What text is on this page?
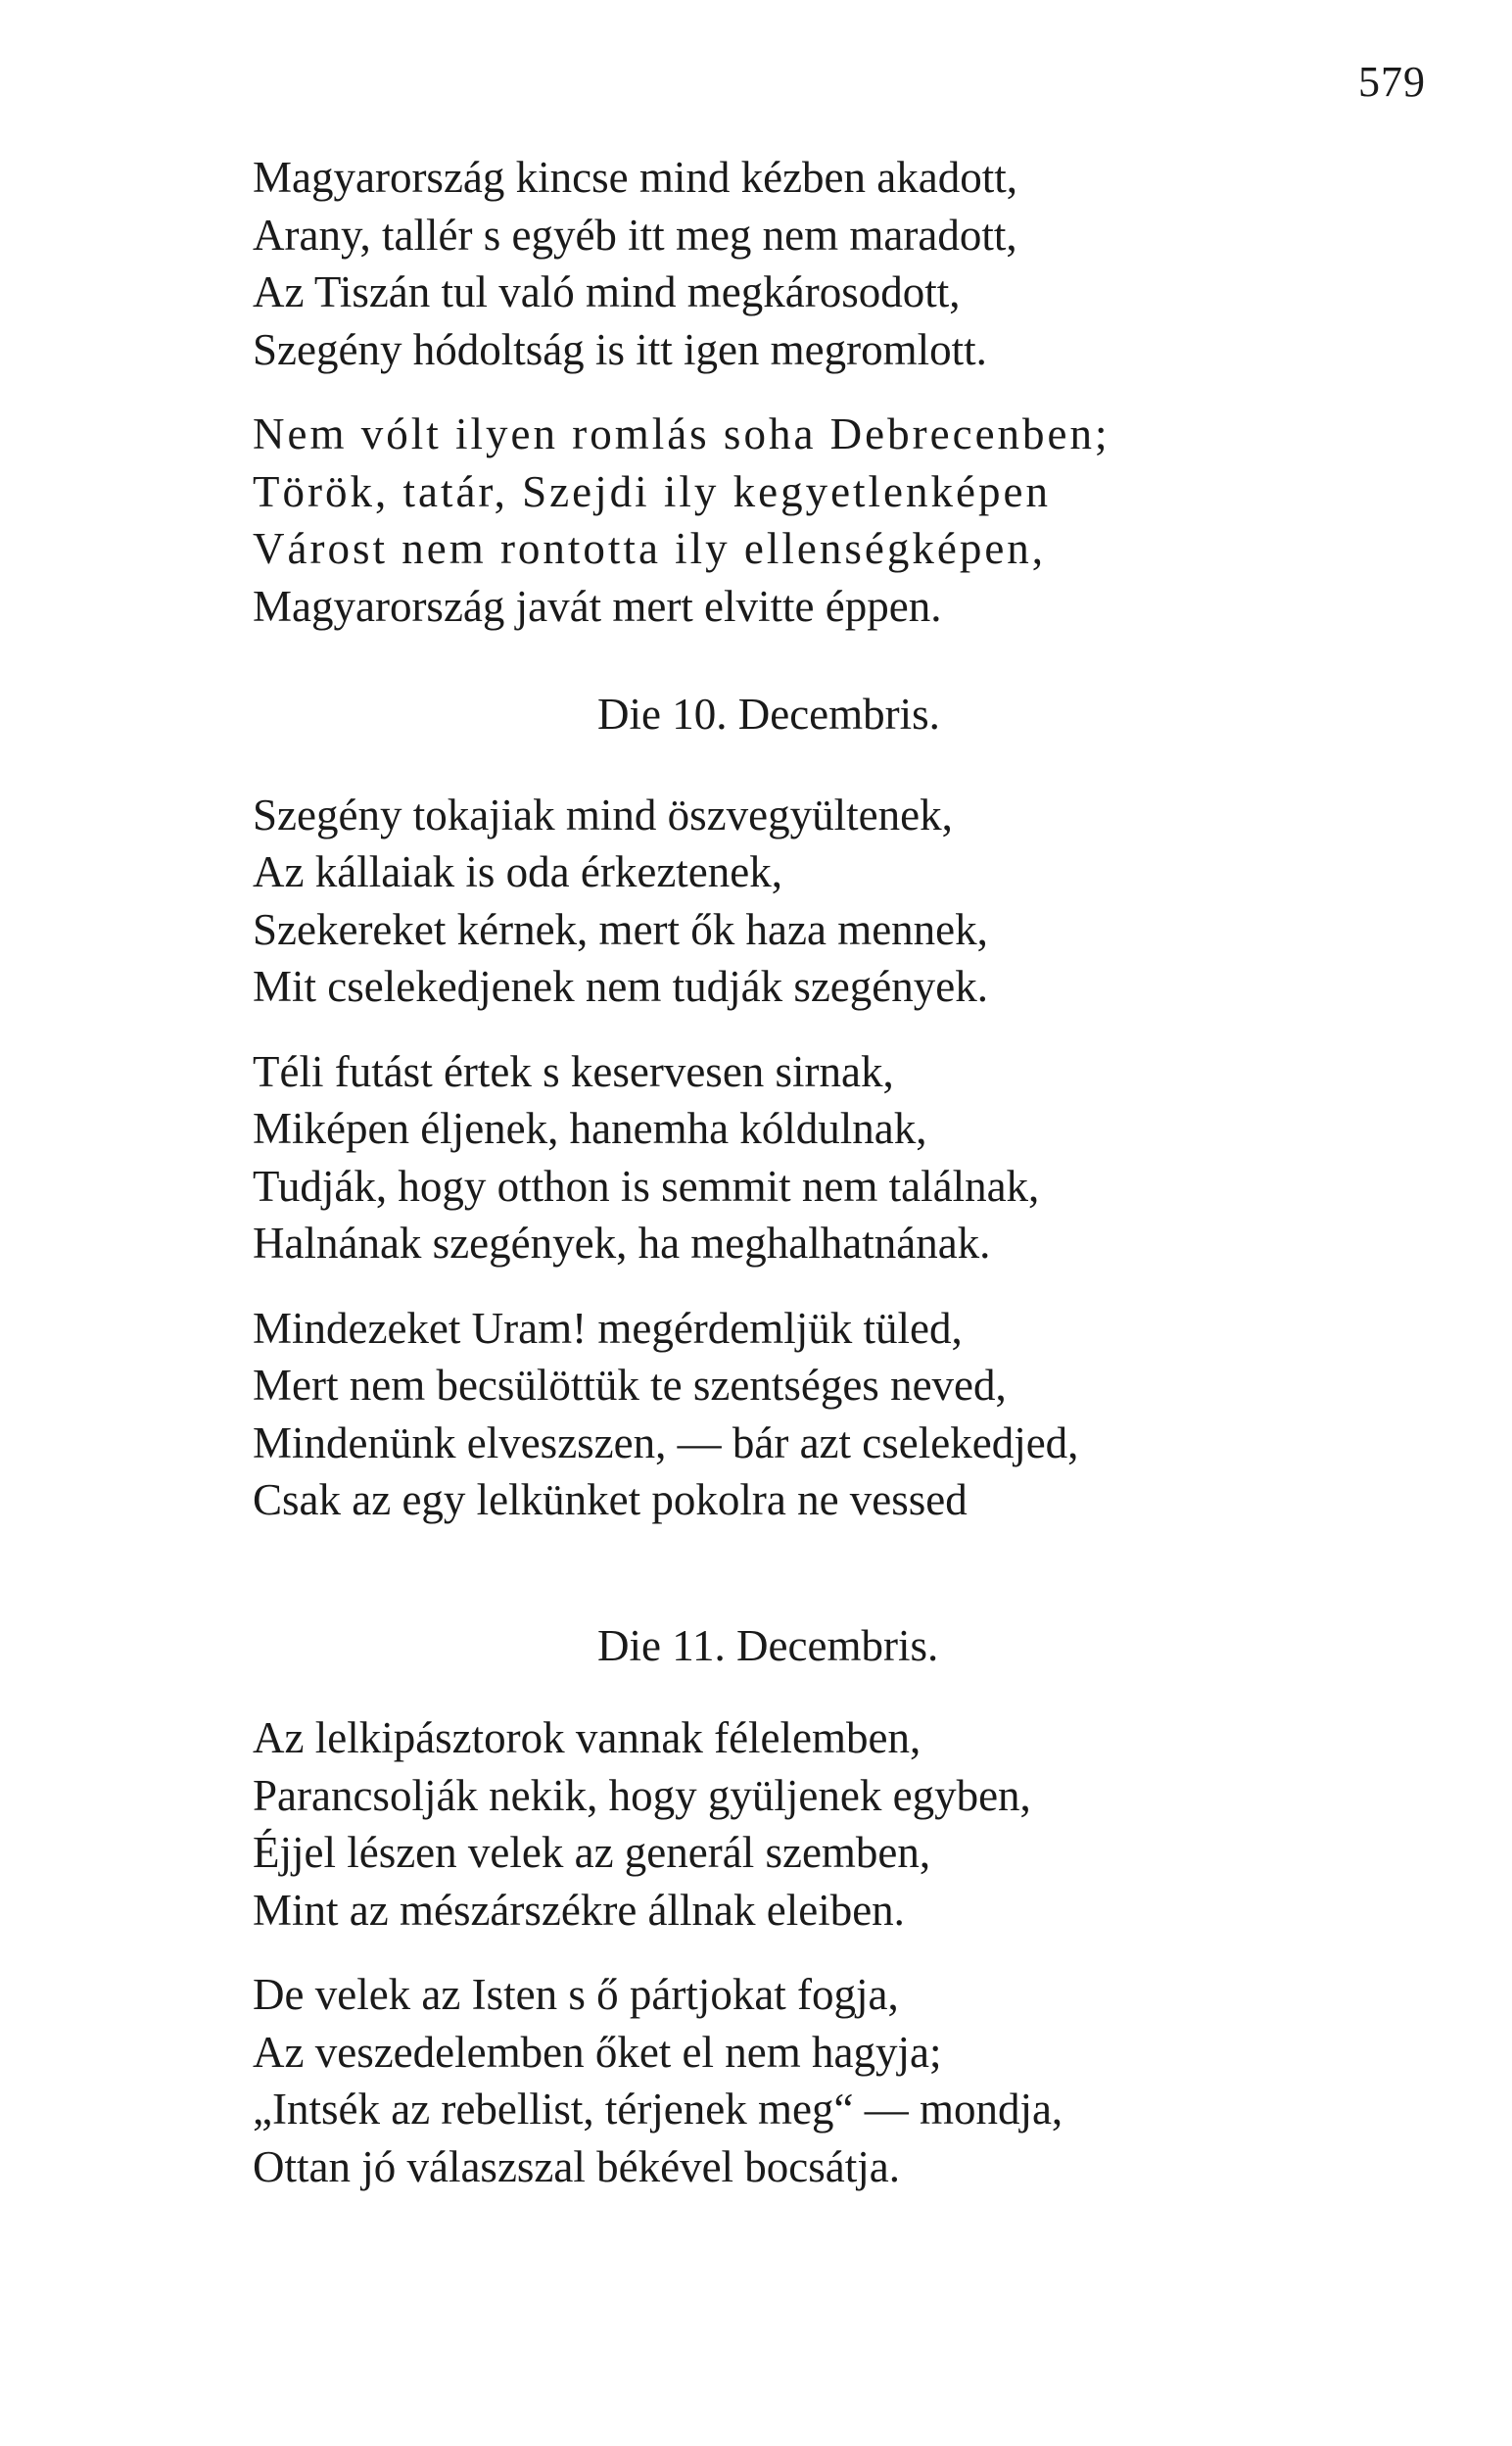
579
Magyarország kincse mind kézben akadott,
Arany, tallér s egyéb itt meg nem maradott,
Az Tiszán tul való mind megkárosodott,
Szegény hódoltság is itt igen megromlott.
Nem vólt ilyen romlás soha Debrecenben;
Török, tatár, Szejdi ily kegyetlenképen
Várost nem rontotta ily ellenségképen,
Magyarország javát mert elvitte éppen.
Die 10. Decembris.
Szegény tokajiak mind öszvegyültenek,
Az kállaiak is oda érkeztenek,
Szekereket kérnek, mert ők haza mennek,
Mit cselekedjenek nem tudják szegények.
Téli futást értek s keservesen sirnak,
Miképen éljenek, hanemha kóldulnak,
Tudják, hogy otthon is semmit nem találnak,
Halnának szegények, ha meghalhatnának.
Mindezeket Uram! megérdemljük tüled,
Mert nem becsülöttük te szentséges neved,
Mindenünk elveszszen, — bár azt cselekedjed,
Csak az egy lelkünket pokolra ne vessed
Die 11. Decembris.
Az lelkipásztorok vannak félelemben,
Parancsolják nekik, hogy gyüljenek egyben,
Éjjel lészen velek az generál szemben,
Mint az mészárszékre állnak eleiben.
De velek az Isten s ő pártjokat fogja,
Az veszedelemben őket el nem hagyja;
„Intsék az rebellist, térjenek meg“ — mondja,
Ottan jó válaszszal békével bocsátja.
